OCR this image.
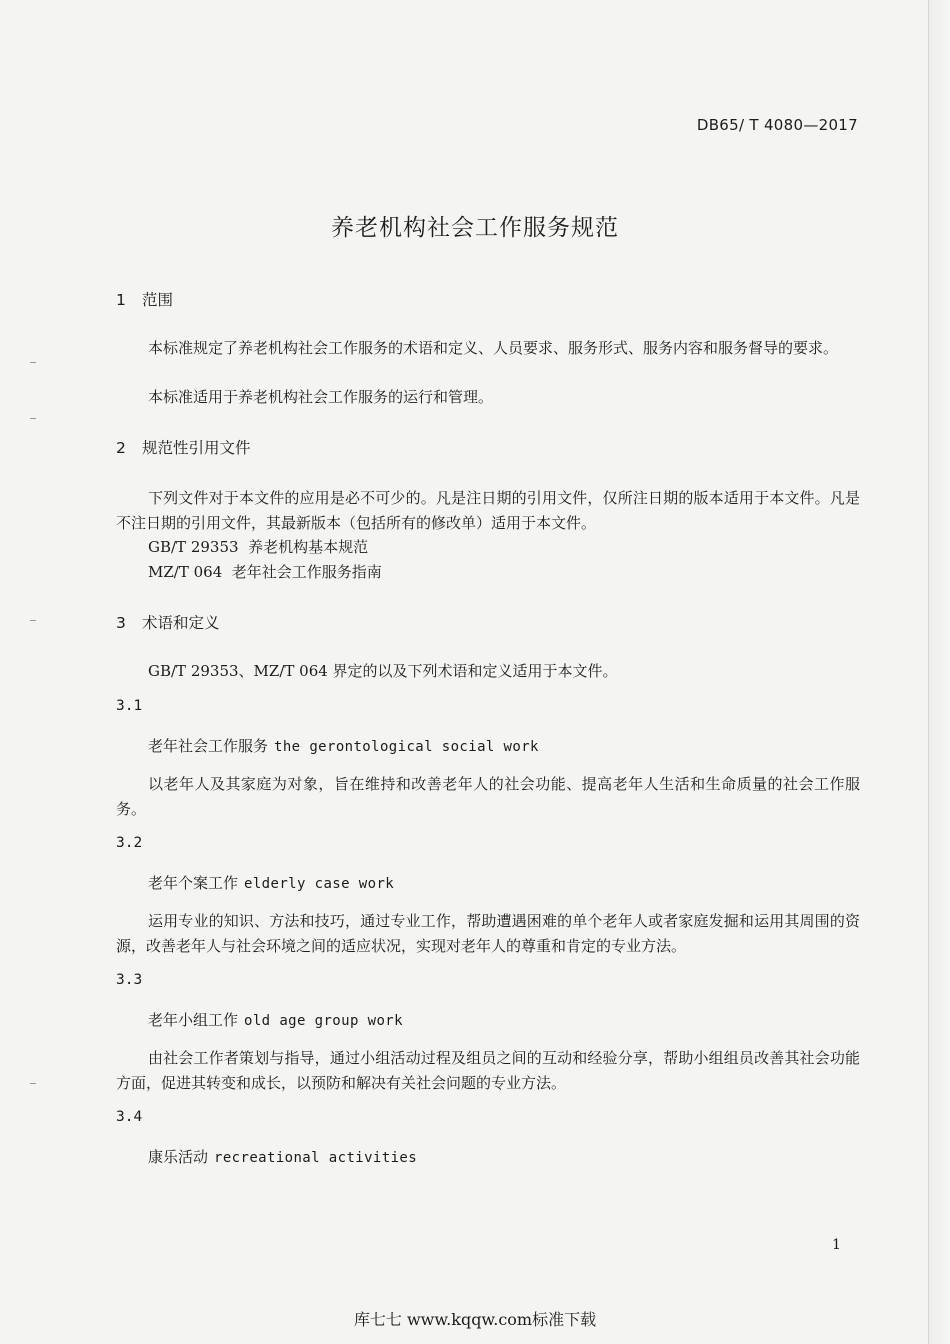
DB65/ T 4080—2017
养老机构社会工作服务规范
1 范围
本标准规定了养老机构社会工作服务的术语和定义、人员要求、服务形式、服务内容和服务督导的要求。
本标准适用于养老机构社会工作服务的运行和管理。
2 规范性引用文件
下列文件对于本文件的应用是必不可少的。凡是注日期的引用文件，仅所注日期的版本适用于本文件。凡是不注日期的引用文件，其最新版本（包括所有的修改单）适用于本文件。
GB/T 29353 养老机构基本规范
MZ/T 064 老年社会工作服务指南
3 术语和定义
GB/T 29353、MZ/T 064 界定的以及下列术语和定义适用于本文件。
3.1
老年社会工作服务 the gerontological social work
以老年人及其家庭为对象，旨在维持和改善老年人的社会功能、提高老年人生活和生命质量的社会工作服务。
3.2
老年个案工作 elderly case work
运用专业的知识、方法和技巧，通过专业工作，帮助遭遇困难的单个老年人或者家庭发掘和运用其周围的资源，改善老年人与社会环境之间的适应状况，实现对老年人的尊重和肯定的专业方法。
3.3
老年小组工作 old age group work
由社会工作者策划与指导，通过小组活动过程及组员之间的互动和经验分享，帮助小组组员改善其社会功能方面，促进其转变和成长，以预防和解决有关社会问题的专业方法。
3.4
康乐活动 recreational activities
1
库七七 www.kqqw.com标准下载
